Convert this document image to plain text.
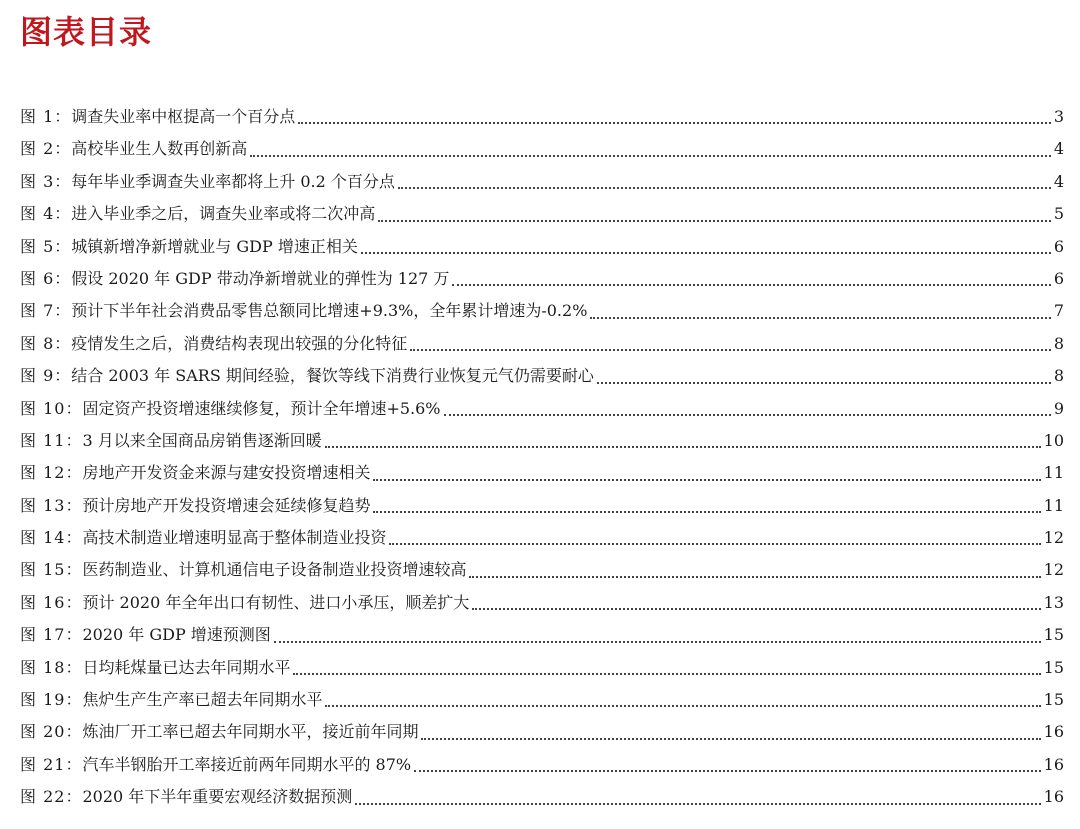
图表目录
图 1：调查失业率中枢提高一个百分点	3
图 2：高校毕业生人数再创新高	4
图 3：每年毕业季调查失业率都将上升 0.2 个百分点	4
图 4：进入毕业季之后，调查失业率或将二次冲高	5
图 5：城镇新增净新增就业与 GDP 增速正相关	6
图 6：假设 2020 年 GDP 带动净新增就业的弹性为 127 万	6
图 7：预计下半年社会消费品零售总额同比增速+9.3%，全年累计增速为-0.2%	7
图 8：疫情发生之后，消费结构表现出较强的分化特征	8
图 9：结合 2003 年 SARS 期间经验，餐饮等线下消费行业恢复元气仍需要耐心	8
图 10：固定资产投资增速继续修复，预计全年增速+5.6%	9
图 11：3 月以来全国商品房销售逐渐回暖	10
图 12：房地产开发资金来源与建安投资增速相关	11
图 13：预计房地产开发投资增速会延续修复趋势	11
图 14：高技术制造业增速明显高于整体制造业投资	12
图 15：医药制造业、计算机通信电子设备制造业投资增速较高	12
图 16：预计 2020 年全年出口有韧性、进口小承压，顺差扩大	13
图 17：2020 年 GDP 增速预测图	15
图 18：日均耗煤量已达去年同期水平	15
图 19：焦炉生产生产率已超去年同期水平	15
图 20：炼油厂开工率已超去年同期水平，接近前年同期	16
图 21：汽车半钢胎开工率接近前两年同期水平的 87%	16
图 22：2020 年下半年重要宏观经济数据预测	16
